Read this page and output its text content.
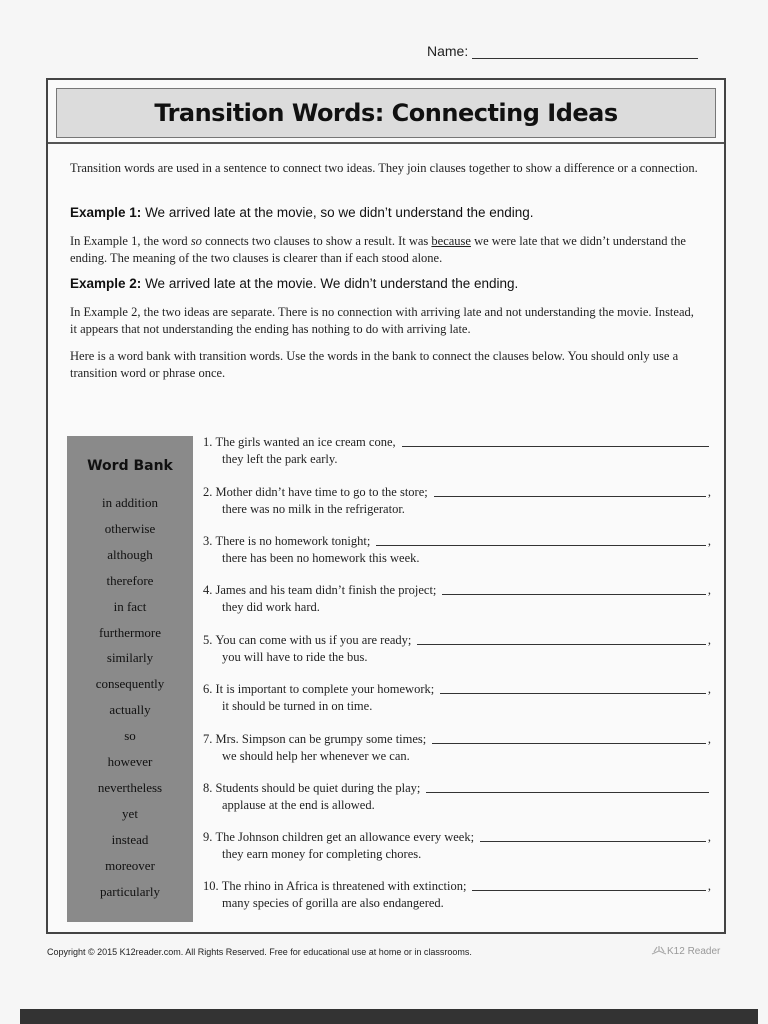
Name:
Transition Words: Connecting Ideas
Transition words are used in a sentence to connect two ideas. They join clauses together to show a difference or a connection.
Example 1: We arrived late at the movie, so we didn’t understand the ending.
In Example 1, the word so connects two clauses to show a result. It was because we were late that we didn’t understand the ending. The meaning of the two clauses is clearer than if each stood alone.
Example 2: We arrived late at the movie. We didn’t understand the ending.
In Example 2, the two ideas are separate. There is no connection with arriving late and not understanding the movie. Instead, it appears that not understanding the ending has nothing to do with arriving late.
Here is a word bank with transition words. Use the words in the bank to connect the clauses below. You should only use a transition word or phrase once.
Word Bank
in addition
otherwise
although
therefore
in fact
furthermore
similarly
consequently
actually
so
however
nevertheless
yet
instead
moreover
particularly
1.
The girls wanted an ice cream cone,
they left the park early.
2.
Mother didn’t have time to go to the store;	,
there was no milk in the refrigerator.
3.
There is no homework tonight;	,
there has been no homework this week.
4.
James and his team didn’t finish the project;	,
they did work hard.
5.
You can come with us if you are ready;	,
you will have to ride the bus.
6.
It is important to complete your homework;	,
it should be turned in on time.
7.
Mrs. Simpson can be grumpy some times;	,
we should help her whenever we can.
8.
Students should be quiet during the play;
applause at the end is allowed.
9.
The Johnson children get an allowance every week;	,
they earn money for completing chores.
10.
The rhino in Africa is threatened with extinction;	,
many species of gorilla are also endangered.
Copyright © 2015 K12reader.com. All Rights Reserved. Free for educational use at home or in classrooms.	K12 Reader
